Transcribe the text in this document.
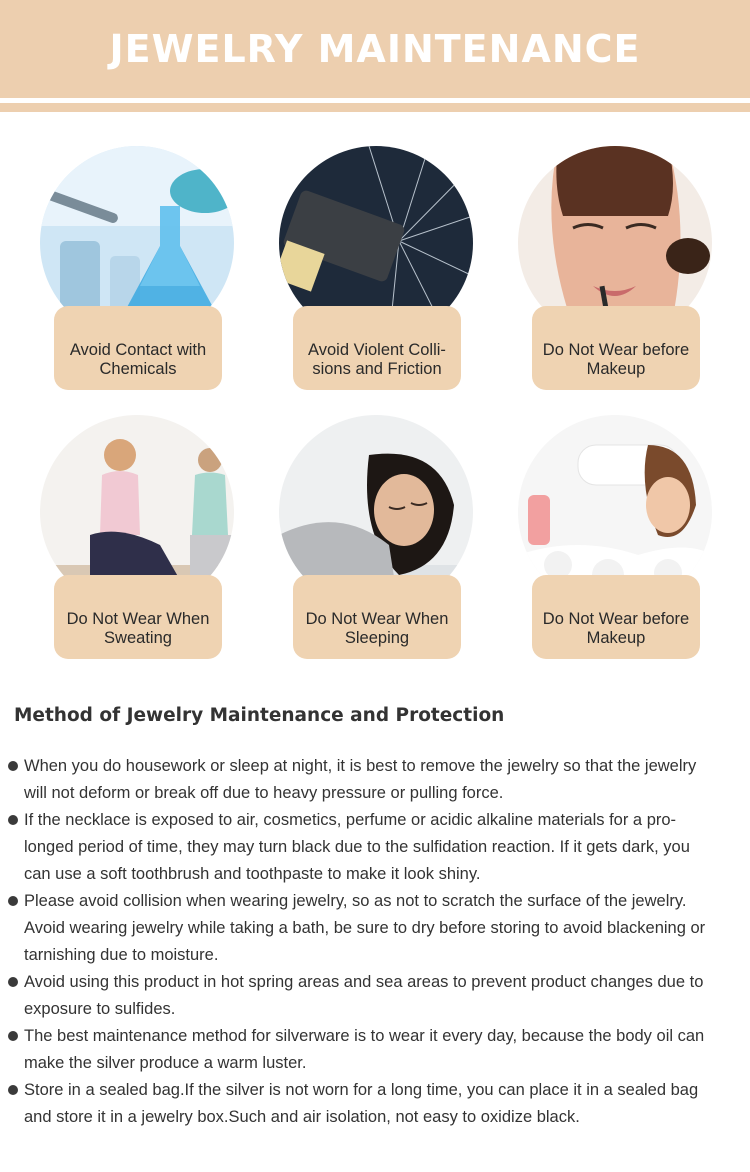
JEWELRY MAINTENANCE
Avoid Contact with
Chemicals
Avoid Violent Colli-
sions and Friction
Do Not Wear before
Makeup
Do Not Wear When
Sweating
Do Not Wear When
Sleeping
Do Not Wear before
Makeup
Method of Jewelry Maintenance and Protection
When you do housework or sleep at night, it is best to remove the jewelry so that the jewelry
will not deform or break off due to heavy pressure or pulling force.
If the necklace is exposed to air, cosmetics, perfume or acidic alkaline materials for a pro-
longed period of time, they may turn black due to the sulfidation reaction. If it gets dark, you
can use a soft toothbrush and toothpaste to make it look shiny.
Please avoid collision when wearing jewelry, so as not to scratch the surface of the jewelry.
Avoid wearing jewelry while taking a bath, be sure to dry before storing to avoid blackening or
tarnishing due to moisture.
Avoid using this product in hot spring areas and sea areas to prevent product changes due to
exposure to sulfides.
The best maintenance method for silverware is to wear it every day, because the body oil can
make the silver produce a warm luster.
Store in a sealed bag.If the silver is not worn for a long time, you can place it in a sealed bag
and store it in a jewelry box.Such and air isolation, not easy to oxidize black.
